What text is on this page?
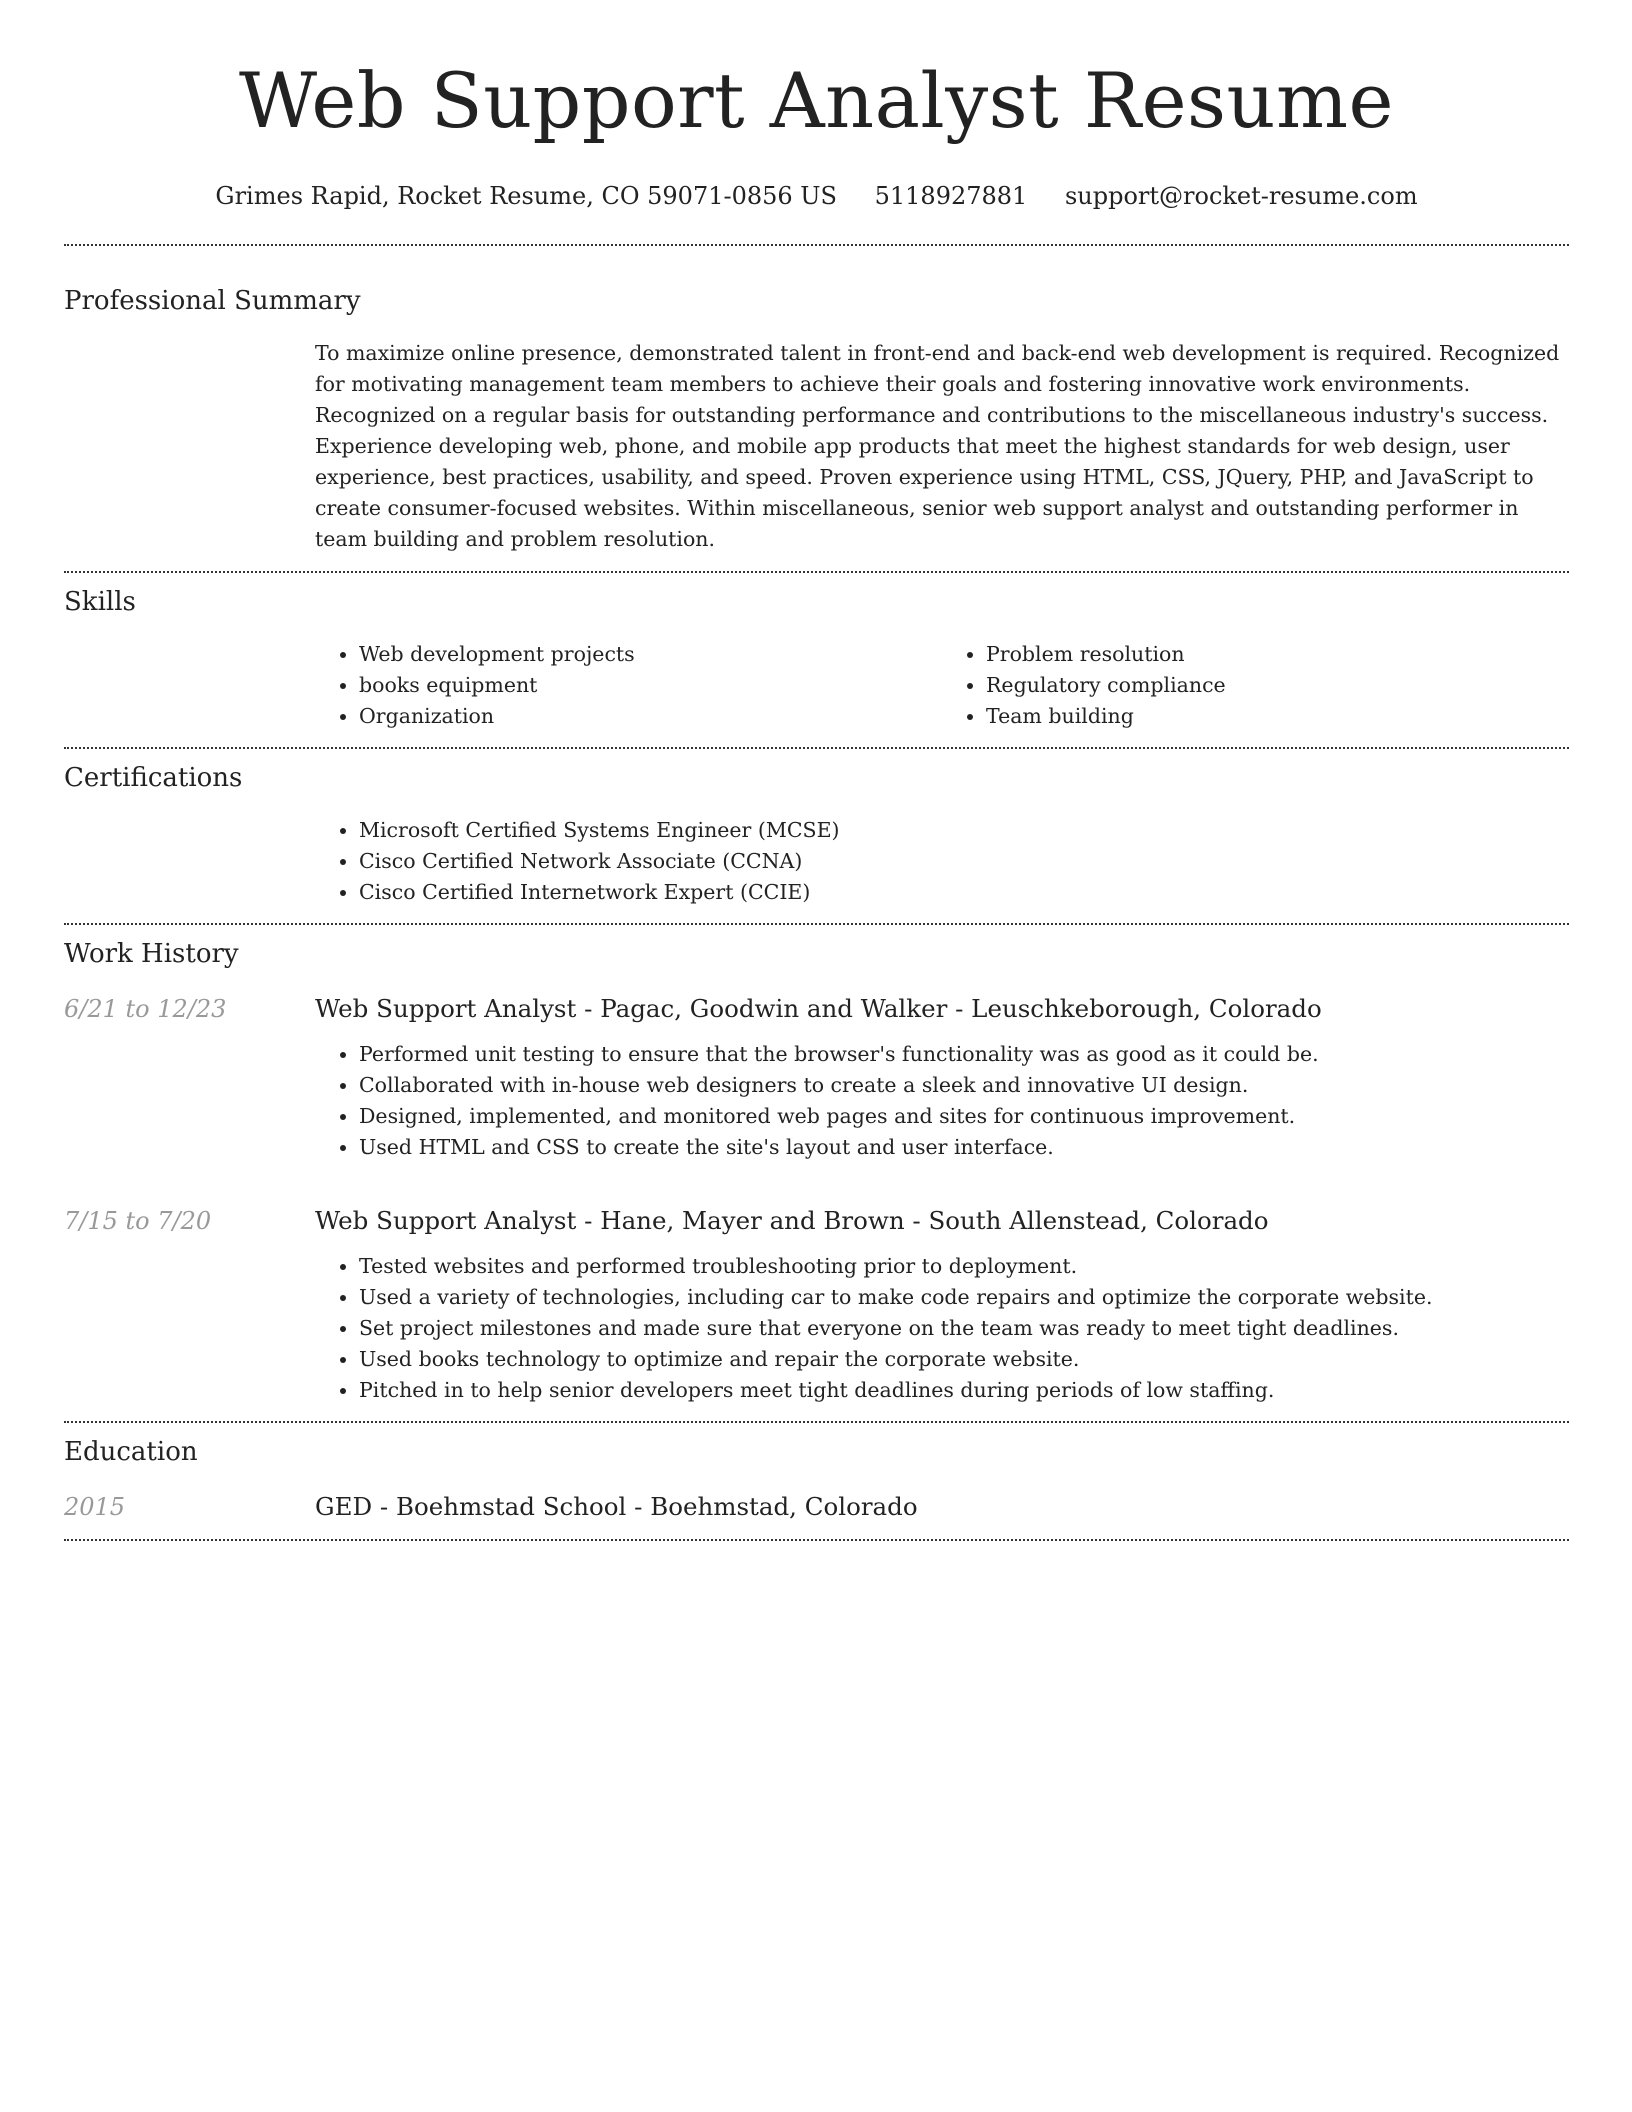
Web Support Analyst Resume
Grimes Rapid, Rocket Resume, CO 59071-0856 US 5118927881 support@rocket-resume.com
Professional Summary

To maximize online presence, demonstrated talent in front-end and back-end web development is required. Recognized for motivating management team members to achieve their goals and fostering innovative work environments. Recognized on a regular basis for outstanding performance and contributions to the miscellaneous industry's success. Experience developing web, phone, and mobile app products that meet the highest standards for web design, user experience, best practices, usability, and speed. Proven experience using HTML, CSS, JQuery, PHP, and JavaScript to create consumer-focused websites. Within miscellaneous, senior web support analyst and outstanding performer in team building and problem resolution.

Skills
• Web development projects
• books equipment
• Organization
• Problem resolution
• Regulatory compliance
• Team building
Certifications
• Microsoft Certified Systems Engineer (MCSE)
• Cisco Certified Network Associate (CCNA)
• Cisco Certified Internetwork Expert (CCIE)
Work History
6/21 to 12/23	Web Support Analyst - Pagac, Goodwin and Walker - Leuschkeborough, Colorado
• Performed unit testing to ensure that the browser's functionality was as good as it could be.
• Collaborated with in-house web designers to create a sleek and innovative UI design.
• Designed, implemented, and monitored web pages and sites for continuous improvement.
• Used HTML and CSS to create the site's layout and user interface.
7/15 to 7/20	Web Support Analyst - Hane, Mayer and Brown - South Allenstead, Colorado
• Tested websites and performed troubleshooting prior to deployment.
• Used a variety of technologies, including car to make code repairs and optimize the corporate website.
• Set project milestones and made sure that everyone on the team was ready to meet tight deadlines.
• Used books technology to optimize and repair the corporate website.
• Pitched in to help senior developers meet tight deadlines during periods of low staffing.
Education
2015	GED - Boehmstad School - Boehmstad, Colorado
